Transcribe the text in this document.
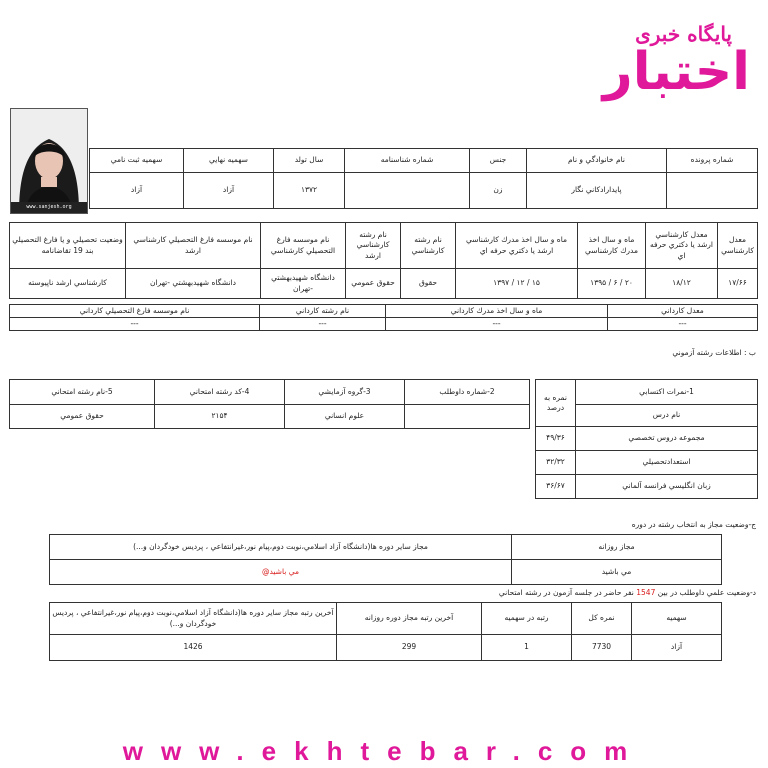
پایگاه خبری
اختبار
www.sanjesh.org
شماره پرونده	نام خانوادگي و نام	جنس	شماره شناسنامه	سال تولد	سهميه نهايي	سهميه ثبت نامي
	پايدارادكاني نگار	زن		۱۳۷۲	آزاد	آزاد
معدل كارشناسي	معدل كارشناسي ارشد يا دكتري حرفه اي	ماه و سال اخذ مدرك كارشناسي	ماه و سال اخذ مدرك كارشناسي ارشد يا دكتري حرفه اي	نام رشته كارشناسي	نام رشته كارشناسي ارشد	نام موسسه فارغ التحصيلي كارشناسي	نام موسسه فارغ التحصيلي كارشناسي ارشد	وضعيت تحصيلي و يا فارغ التحصيلي بند 19 تقاضانامه
۱۷/۶۶	۱۸/۱۲	۲۰ / ۶ / ۱۳۹۵	۱۵ / ۱۲ / ۱۳۹۷	حقوق	حقوق عمومي	دانشگاه شهيدبهشتي -تهران	دانشگاه شهيدبهشتي -تهران	كارشناسي ارشد ناپيوسته
معدل كارداني	ماه و سال اخذ مدرك كارداني	نام رشته كارداني	نام موسسه فارغ التحصيلي كارداني
---	---	---	---
ب : اطلاعات رشته آزموني
1-نمرات اكتسابي	نمره به درصد
نام درس	
مجموعه دروس تخصصي	۴۹/۳۶
استعدادتحصيلي	۳۲/۳۲
زبان انگليسي فرانسه آلماني	۳۶/۶۷
2-شماره داوطلب	3-گروه آزمايشي	4-كد رشته امتحاني	5-نام رشته امتحاني
	علوم انساني	۲۱۵۴	حقوق عمومي
ج-وضعيت مجاز به انتخاب رشته در دوره
مجاز روزانه	مجاز ساير دوره ها(دانشگاه آزاد اسلامي،نوبت دوم،پيام نور،غيرانتفاعي ، پرديس خودگردان و...)
مي باشيد	مي باشيد@
د-وضعيت علمي داوطلب در بين 1547 نفر حاضر در جلسه آزمون در رشته امتحاني
سهميه	نمره كل	رتبه در سهميه	آخرين رتبه مجاز دوره روزانه	آخرين رتبه مجاز ساير دوره ها(دانشگاه آزاد اسلامي،نوبت دوم،پيام نور،غيرانتفاعي ، پرديس خودگردان و...)
آزاد	7730	1	299	1426
www.ekhtebar.com
